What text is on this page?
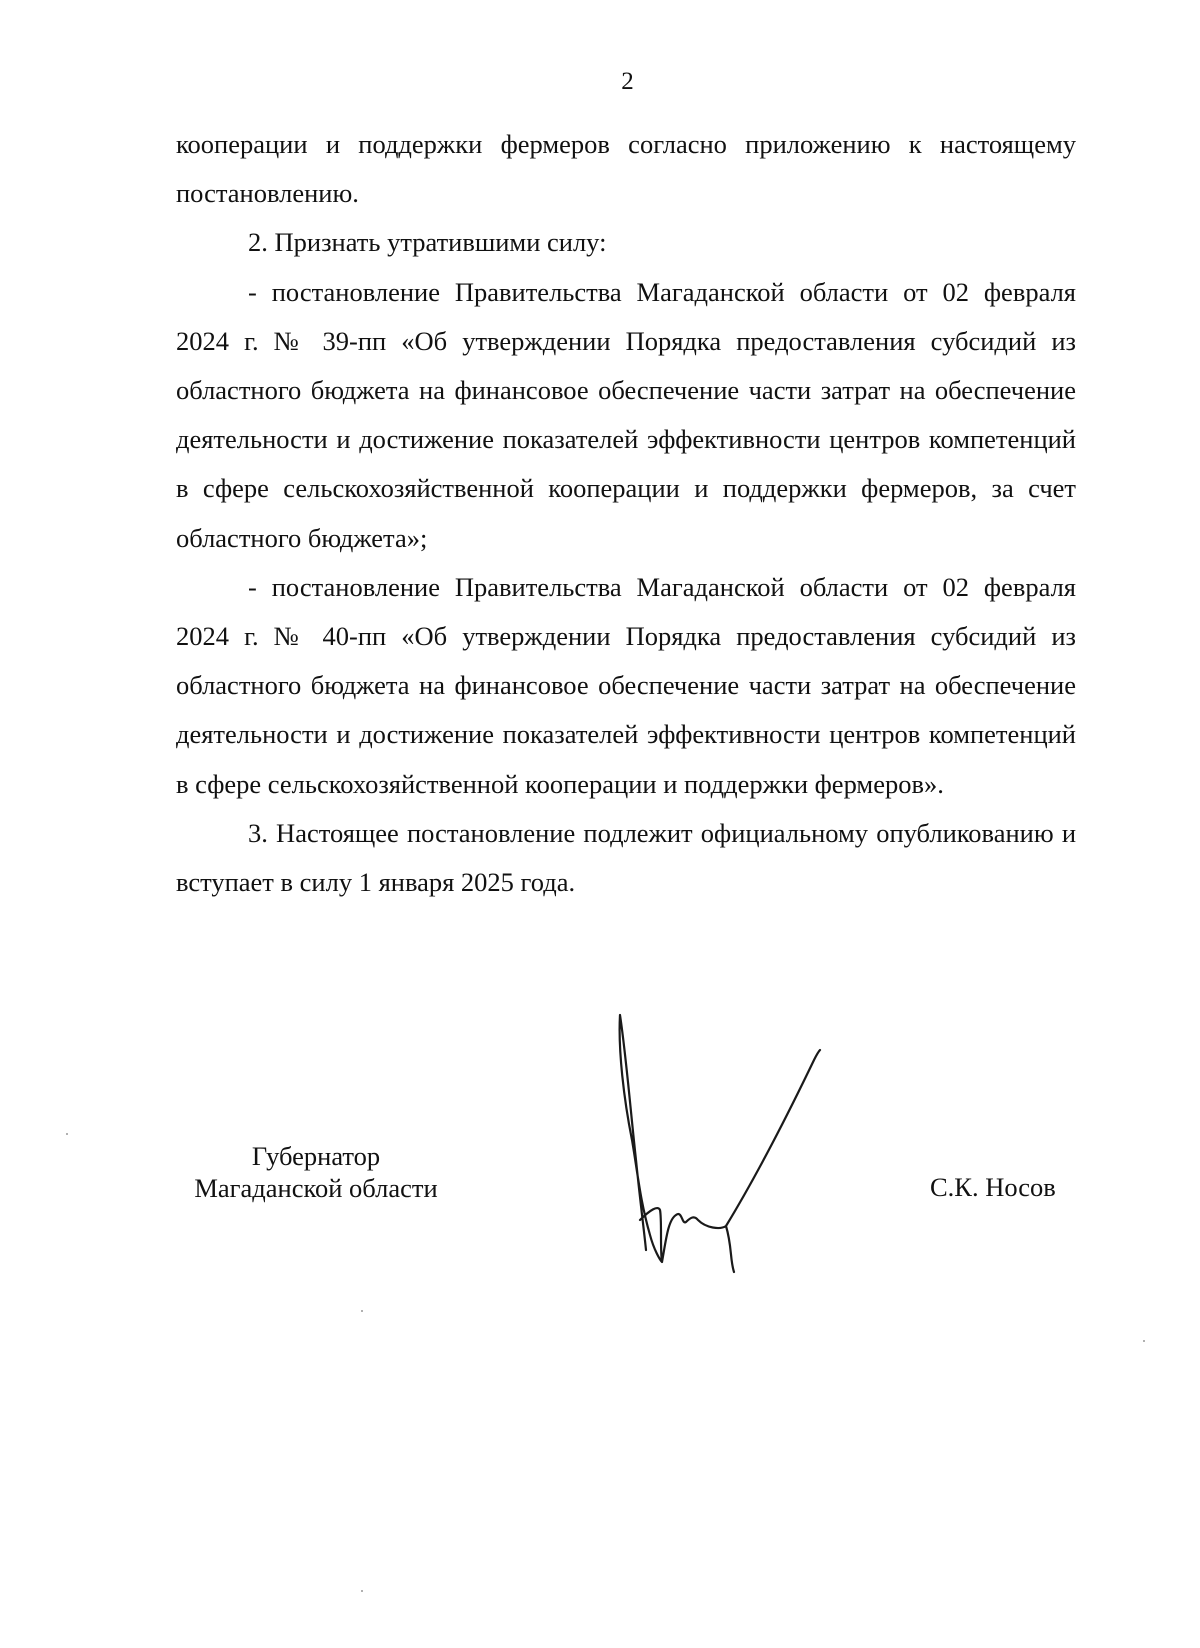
2

кооперации и поддержки фермеров согласно приложению к настоящему постановлению.

2. Признать утратившими силу:

- постановление Правительства Магаданской области от 02 февраля 2024 г. № 39-пп «Об утверждении Порядка предоставления субсидий из областного бюджета на финансовое обеспечение части затрат на обеспечение деятельности и достижение показателей эффективности центров компетенций в сфере сельскохозяйственной кооперации и поддержки фермеров, за счет областного бюджета»;

- постановление Правительства Магаданской области от 02 февраля 2024 г. № 40-пп «Об утверждении Порядка предоставления субсидий из областного бюджета на финансовое обеспечение части затрат на обеспечение деятельности и достижение показателей эффективности центров компетенций в сфере сельскохозяйственной кооперации и поддержки фермеров».

3. Настоящее постановление подлежит официальному опубликованию и вступает в силу 1 января 2025 года.

Губернатор
Магаданской области	С.К. Носов
